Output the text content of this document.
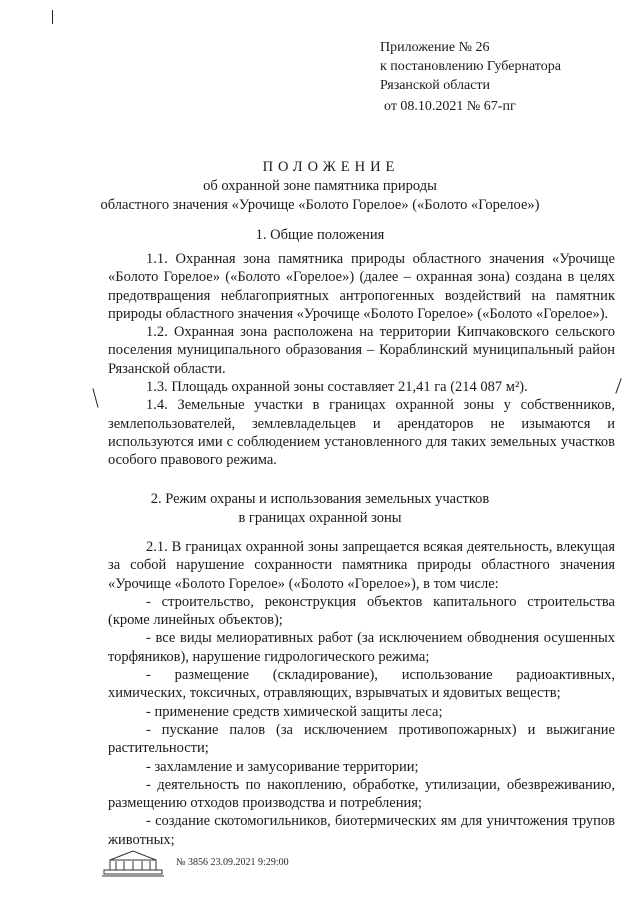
Приложение № 26
к постановлению Губернатора
Рязанской области
от 08.10.2021 № 67-пг
ПОЛОЖЕНИЕ
об охранной зоне памятника природы
областного значения «Урочище «Болото Горелое» («Болото «Горелое»)
1. Общие положения

1.1. Охранная зона памятника природы областного значения «Урочище «Болото Горелое» («Болото «Горелое») (далее – охранная зона) создана в целях предотвращения неблагоприятных антропогенных воздействий на памятник природы областного значения «Урочище «Болото Горелое» («Болото «Горелое»).

1.2. Охранная зона расположена на территории Кипчаковского сельского поселения муниципального образования – Кораблинский муниципальный район Рязанской области.

1.3. Площадь охранной зоны составляет 21,41 га (214 087 м²).

1.4. Земельные участки в границах охранной зоны у собственников, землепользователей, землевладельцев и арендаторов не изымаются и используются ими с соблюдением установленного для таких земельных участков особого правового режима.

2. Режим охраны и использования земельных участков
в границах охранной зоны

2.1. В границах охранной зоны запрещается всякая деятельность, влекущая за собой нарушение сохранности памятника природы областного значения «Урочище «Болото Горелое» («Болото «Горелое»), в том числе:

- строительство, реконструкция объектов капитального строительства (кроме линейных объектов);

- все виды мелиоративных работ (за исключением обводнения осушенных торфяников), нарушение гидрологического режима;

- размещение (складирование), использование радиоактивных, химических, токсичных, отравляющих, взрывчатых и ядовитых веществ;

- применение средств химической защиты леса;

- пускание палов (за исключением противопожарных) и выжигание растительности;

- захламление и замусоривание территории;

- деятельность по накоплению, обработке, утилизации, обезвреживанию, размещению отходов производства и потребления;

- создание скотомогильников, биотермических ям для уничтожения трупов животных;

№ 3856 23.09.2021 9:29:00
